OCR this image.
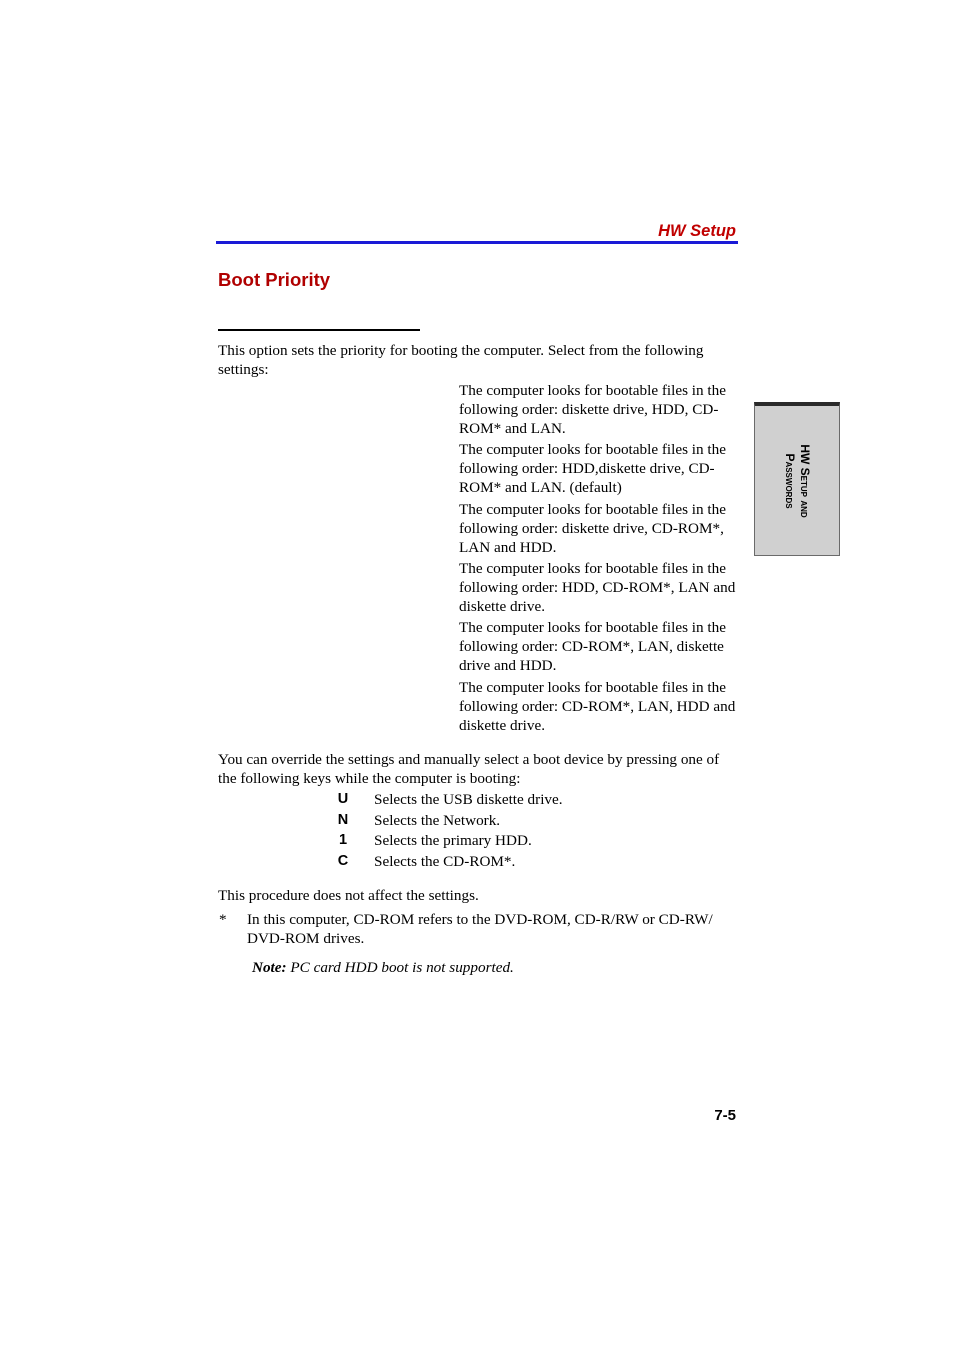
HW Setup
Boot Priority
This option sets the priority for booting the computer. Select from the following settings:
The computer looks for bootable files in the following order: diskette drive, HDD, CD-ROM* and LAN.
The computer looks for bootable files in the following order: HDD,diskette drive, CD-ROM* and LAN. (default)
The computer looks for bootable files in the following order: diskette drive, CD-ROM*, LAN and HDD.
The computer looks for bootable files in the following order: HDD, CD-ROM*, LAN and diskette drive.
The computer looks for bootable files in the following order: CD-ROM*, LAN, diskette drive and HDD.
The computer looks for bootable files in the following order: CD-ROM*, LAN, HDD and diskette drive.
You can override the settings and manually select a boot device by pressing one of the following keys while the computer is booting:
U	Selects the USB diskette drive.
N	Selects the Network.
1	Selects the primary HDD.
C	Selects the CD-ROM*.
This procedure does not affect the settings.
* In this computer, CD-ROM refers to the DVD-ROM, CD-R/RW or CD-RW/ DVD-ROM drives.
Note: PC card HDD boot is not supported.
HW Setup and
Passwords
7-5
